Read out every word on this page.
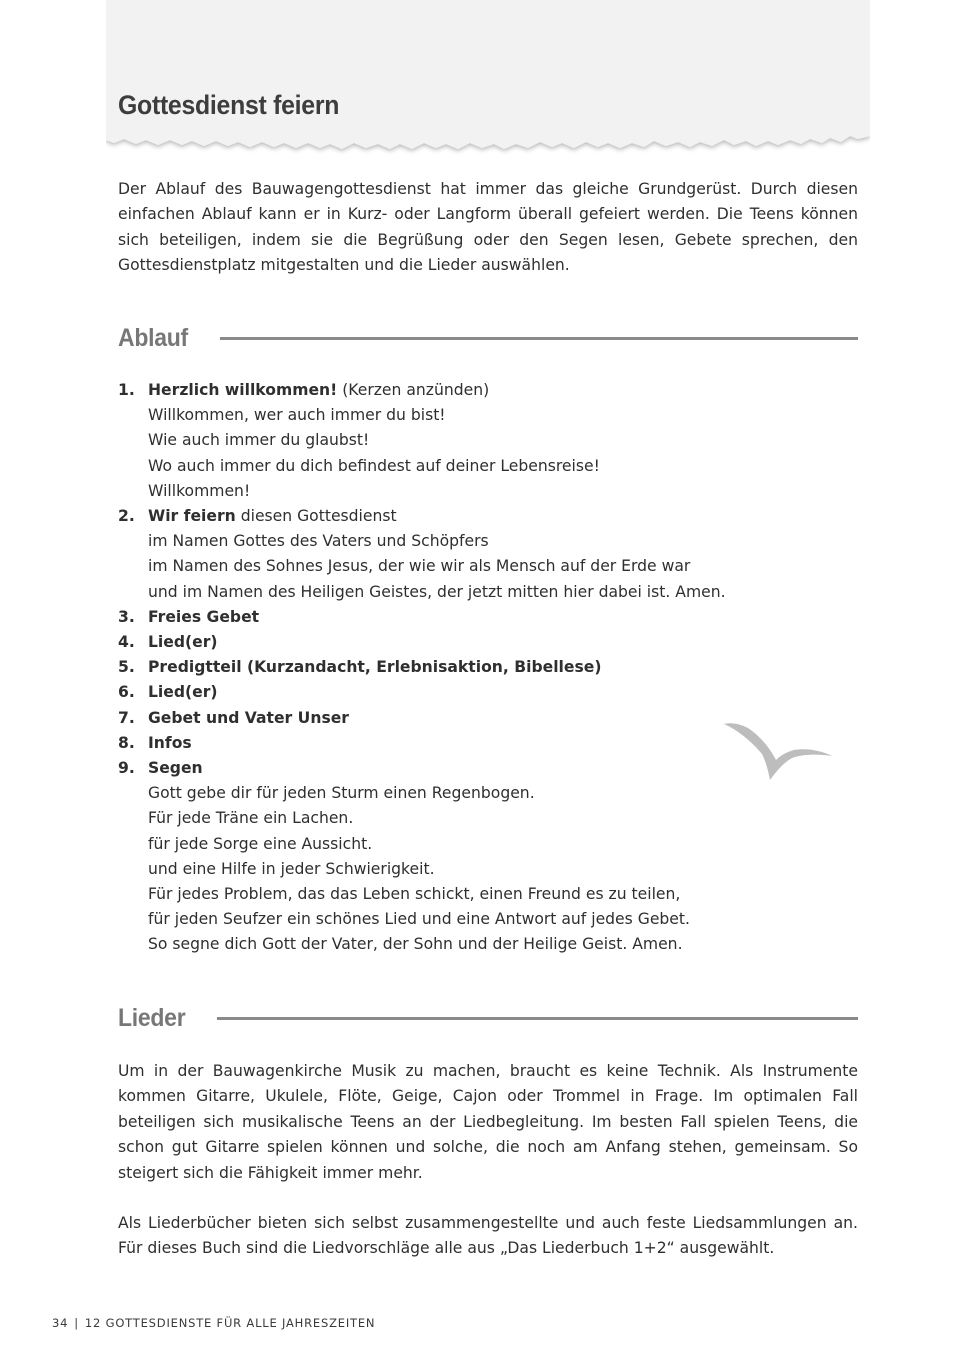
Gottesdienst feiern

Der Ablauf des Bauwagengottesdienst hat immer das gleiche Grundgerüst. Durch diesen einfachen Ablauf kann er in Kurz- oder Langform überall gefeiert werden. Die Teens können sich beteiligen, indem sie die Begrüßung oder den Segen lesen, Gebete sprechen, den Gottesdienstplatz mitgestalten und die Lieder auswählen.

Ablauf
1. Herzlich willkommen! (Kerzen anzünden)
Willkommen, wer auch immer du bist!
Wie auch immer du glaubst!
Wo auch immer du dich befindest auf deiner Lebensreise!
Willkommen!
2. Wir feiern diesen Gottesdienst
im Namen Gottes des Vaters und Schöpfers
im Namen des Sohnes Jesus, der wie wir als Mensch auf der Erde war
und im Namen des Heiligen Geistes, der jetzt mitten hier dabei ist. Amen.
3. Freies Gebet
4. Lied(er)
5. Predigtteil (Kurzandacht, Erlebnisaktion, Bibellese)
6. Lied(er)
7. Gebet und Vater Unser
8. Infos
9. Segen
Gott gebe dir für jeden Sturm einen Regenbogen.
Für jede Träne ein Lachen.
für jede Sorge eine Aussicht.
und eine Hilfe in jeder Schwierigkeit.
Für jedes Problem, das das Leben schickt, einen Freund es zu teilen,
für jeden Seufzer ein schönes Lied und eine Antwort auf jedes Gebet.
So segne dich Gott der Vater, der Sohn und der Heilige Geist. Amen.
Lieder

Um in der Bauwagenkirche Musik zu machen, braucht es keine Technik. Als Instrumente kommen Gitarre, Ukulele, Flöte, Geige, Cajon oder Trommel in Frage. Im optimalen Fall beteiligen sich musikalische Teens an der Liedbegleitung. Im besten Fall spielen Teens, die schon gut Gitarre spielen können und solche, die noch am Anfang stehen, gemeinsam. So steigert sich die Fähigkeit immer mehr.

Als Liederbücher bieten sich selbst zusammengestellte und auch feste Liedsammlungen an. Für dieses Buch sind die Liedvorschläge alle aus „Das Liederbuch 1+2“ ausgewählt.

34 | 12 GOTTESDIENSTE FÜR ALLE JAHRESZEITEN
